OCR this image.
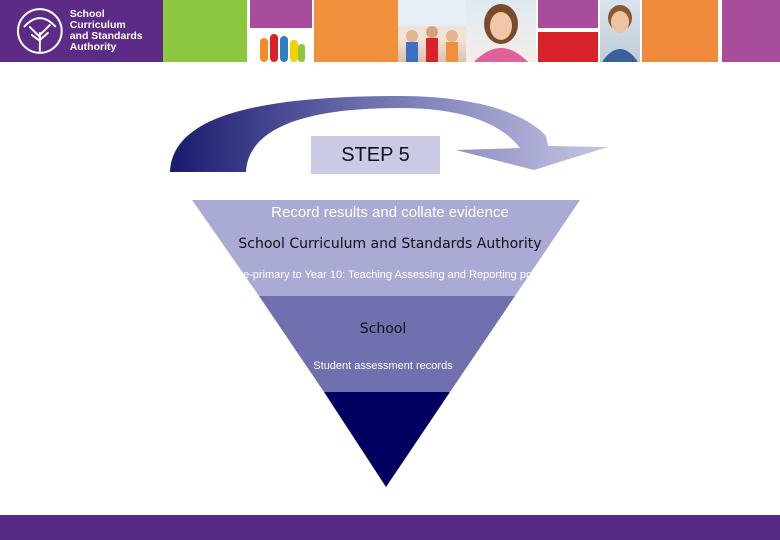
School Curriculum
and Standards
Authority
STEP 5
Record results and collate evidence
School Curriculum and Standards Authority
Pre-primary to Year 10: Teaching Assessing and Reporting policy
School
Student assessment records
